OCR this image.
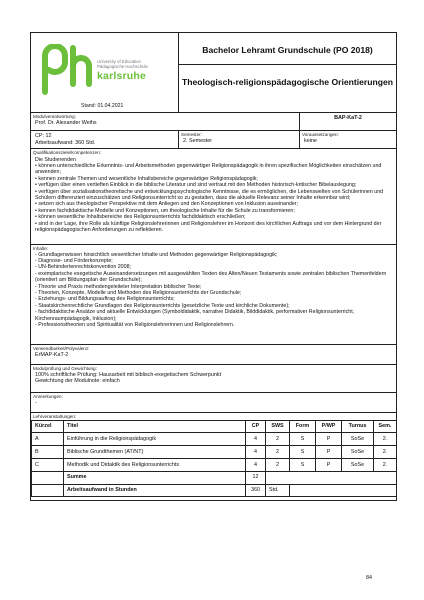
University of Education
Pädagogische Hochschule
karlsruhe
Stand: 01.04.2021

Bachelor Lehramt Grundschule (PO 2018)

Theologisch-religionspädagogische Orientierungen

Modulverantwortung:
Prof. Dr. Alexander Weihs

BAP-KaT-2

CP: 12
Arbeitsaufwand: 360 Std.

Semester:
2. Semester

Voraussetzungen:
keine

Qualifikationsziele/Kompetenzen:
Die Studierenden
• können unterschiedliche Erkenntnis- und Arbeitsmethoden gegenwärtiger Religionspädagogik in ihren spezifischen Möglichkeiten einschätzen und anwenden;
• kennen zentrale Themen und wesentliche Inhaltsbereiche gegenwärtiger Religionspädagogik;
• verfügen über einen vertieften Einblick in die biblische Literatur und sind vertraut mit den Methoden historisch-kritischer Bibelauslegung;
• verfügen über sozialisationstheoretische und entwicklungspsychologische Kenntnisse, die es ermöglichen, die Lebenswelten von Schülerinnen und Schülern differenziert einzuschätzen und Religionsunterricht so zu gestalten, dass die aktuelle Relevanz seiner Inhalte erkennbar wird;
• setzen sich aus theologischer Perspektive mit dem Anliegen und den Konzeptionen von Inklusion auseinander;
• kennen fachdidaktische Modelle und Konzeptionen, um theologische Inhalte für die Schule zu transformieren;
• können wesentliche Inhaltsbereiche des Religionsunterrichts fachdidaktisch erschließen;
• sind in der Lage, ihre Rolle als künftige Religionslehrerinnen und Religionslehrer im Horizont des kirchlichen Auftrags und vor dem Hintergrund der religionspädagogischen Anforderungen zu reflektieren.

Inhalte:
- Grundlagenwissen hinsichtlich wesentlicher Inhalte und Methoden gegenwärtiger Religionspädagogik;
- Diagnose- und Förderkonzepte;
- UN-Behindertenrechtskonvention 2008;
- exemplarische exegetische Auseinandersetzungen mit ausgewählten Texten des Alten/Neuen Testaments sowie zentralen biblischen Themenfeldern (orientiert am Bildungsplan der Grundschule);
- Theorie und Praxis methodengeleiteter Interpretation biblischer Texte;
- Theorien, Konzepte, Modelle und Methoden des Religionsunterrichts der Grundschule;
- Erziehungs- und Bildungsauftrag des Religionsunterrichts;
- Staatskirchenrechtliche Grundlagen des Religionsunterrichts (gesetzliche Texte und kirchliche Dokumente);
- fachdidaktische Ansätze und aktuelle Entwicklungen (Symboldidaktik, narrative Didaktik, Bilddidaktik, performativer Religionsunterricht, Kirchenraumpädagogik, Inklusion);
- Professionstheorien und Spiritualität von Religionslehrerinnen und Religionslehrern.

Verwendbarkeit/Polyvalenz:
ErMAP-KaT-2

Modulprüfung und Gewichtung:
100% schriftliche Prüfung: Hausarbeit mit biblisch-exegetischem Schwerpunkt
Gewichtung der Modulnote: einfach

Anmerkungen:
-

Lehrveranstaltungen:
Kürzel	Titel	CP	SWS	Form	P/WP	Turnus	Sem.
A	Einführung in die Religionspädagogik	4	2	S	P	SoSe	2.
B	Biblische Grundthemen (AT/NT)	4	2	S	P	SoSe	2.
C	Methodik und Didaktik des Religionsunterrichts	4	2	S	P	SoSe	2.
	Summe	12	
	Arbeitsaufwand in Stunden	360	Std.	
84
